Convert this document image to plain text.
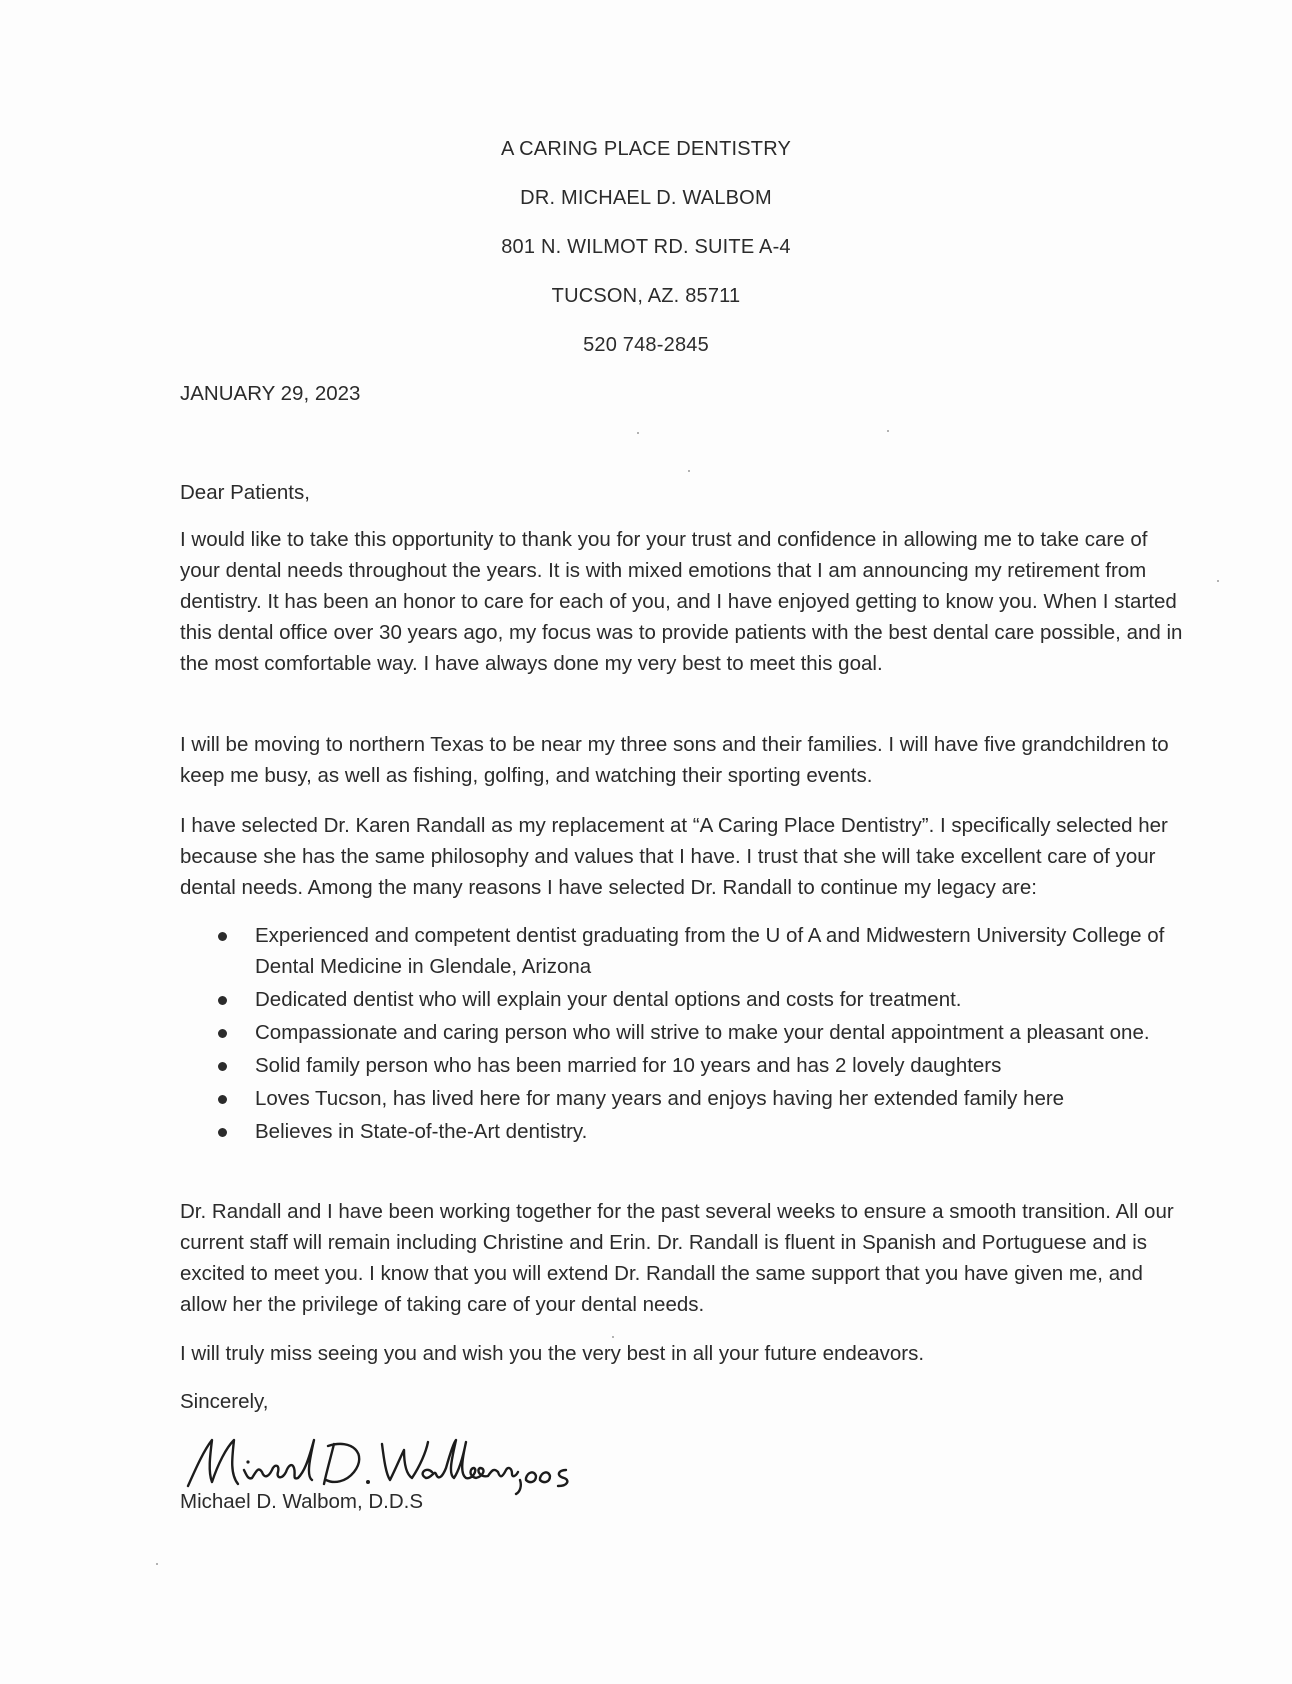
A CARING PLACE DENTISTRY
DR. MICHAEL D. WALBOM
801 N. WILMOT RD. SUITE A-4
TUCSON, AZ. 85711
520 748-2845
JANUARY 29, 2023
Dear Patients,
I would like to take this opportunity to thank you for your trust and confidence in allowing me to take care of your dental needs throughout the years. It is with mixed emotions that I am announcing my retirement from dentistry. It has been an honor to care for each of you, and I have enjoyed getting to know you. When I started this dental office over 30 years ago, my focus was to provide patients with the best dental care possible, and in the most comfortable way. I have always done my very best to meet this goal.
I will be moving to northern Texas to be near my three sons and their families. I will have five grandchildren to keep me busy, as well as fishing, golfing, and watching their sporting events.
I have selected Dr. Karen Randall as my replacement at “A Caring Place Dentistry”. I specifically selected her because she has the same philosophy and values that I have. I trust that she will take excellent care of your dental needs. Among the many reasons I have selected Dr. Randall to continue my legacy are:
Experienced and competent dentist graduating from the U of A and Midwestern University College of Dental Medicine in Glendale, Arizona
Dedicated dentist who will explain your dental options and costs for treatment.
Compassionate and caring person who will strive to make your dental appointment a pleasant one.
Solid family person who has been married for 10 years and has 2 lovely daughters
Loves Tucson, has lived here for many years and enjoys having her extended family here
Believes in State-of-the-Art dentistry.
Dr. Randall and I have been working together for the past several weeks to ensure a smooth transition. All our current staff will remain including Christine and Erin. Dr. Randall is fluent in Spanish and Portuguese and is excited to meet you. I know that you will extend Dr. Randall the same support that you have given me, and allow her the privilege of taking care of your dental needs.
I will truly miss seeing you and wish you the very best in all your future endeavors.
Sincerely,
Michael D. Walbom, D.D.S
